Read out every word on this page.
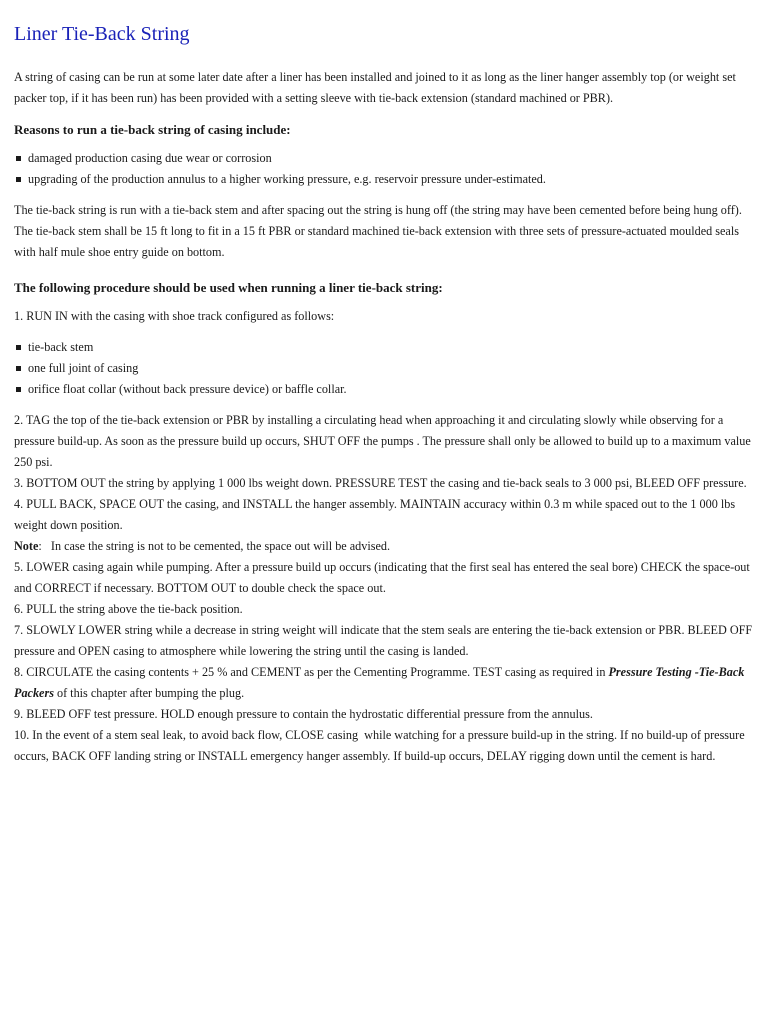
Liner Tie-Back String

A string of casing can be run at some later date after a liner has been installed and joined to it as long as the liner hanger assembly top (or weight set packer top, if it has been run) has been provided with a setting sleeve with tie-back extension (standard machined or PBR).

Reasons to run a tie-back string of casing include:
damaged production casing due wear or corrosion
upgrading of the production annulus to a higher working pressure, e.g. reservoir pressure under-estimated.

The tie-back string is run with a tie-back stem and after spacing out the string is hung off (the string may have been cemented before being hung off). The tie-back stem shall be 15 ft long to fit in a 15 ft PBR or standard machined tie-back extension with three sets of pressure-actuated moulded seals with half mule shoe entry guide on bottom.

The following procedure should be used when running a liner tie-back string:

1. RUN IN with the casing with shoe track configured as follows:

tie-back stem
one full joint of casing
orifice float collar (without back pressure device) or baffle collar.

2. TAG the top of the tie-back extension or PBR by installing a circulating head when approaching it and circulating slowly while observing for a pressure build-up. As soon as the pressure build up occurs, SHUT OFF the pumps . The pressure shall only be allowed to build up to a maximum value 250 psi.

3. BOTTOM OUT the string by applying 1 000 lbs weight down. PRESSURE TEST the casing and tie-back seals to 3 000 psi, BLEED OFF pressure.

4. PULL BACK, SPACE OUT the casing, and INSTALL the hanger assembly. MAINTAIN accuracy within 0.3 m while spaced out to the 1 000 lbs weight down position.

Note:   In case the string is not to be cemented, the space out will be advised.

5. LOWER casing again while pumping. After a pressure build up occurs (indicating that the first seal has entered the seal bore) CHECK the space-out and CORRECT if necessary. BOTTOM OUT to double check the space out.

6. PULL the string above the tie-back position.

7. SLOWLY LOWER string while a decrease in string weight will indicate that the stem seals are entering the tie-back extension or PBR. BLEED OFF pressure and OPEN casing to atmosphere while lowering the string until the casing is landed.

8. CIRCULATE the casing contents + 25 % and CEMENT as per the Cementing Programme. TEST casing as required in Pressure Testing -Tie-Back Packers of this chapter after bumping the plug.

9. BLEED OFF test pressure. HOLD enough pressure to contain the hydrostatic differential pressure from the annulus.

10. In the event of a stem seal leak, to avoid back flow, CLOSE casing  while watching for a pressure build-up in the string. If no build-up of pressure occurs, BACK OFF landing string or INSTALL emergency hanger assembly. If build-up occurs, DELAY rigging down until the cement is hard.
